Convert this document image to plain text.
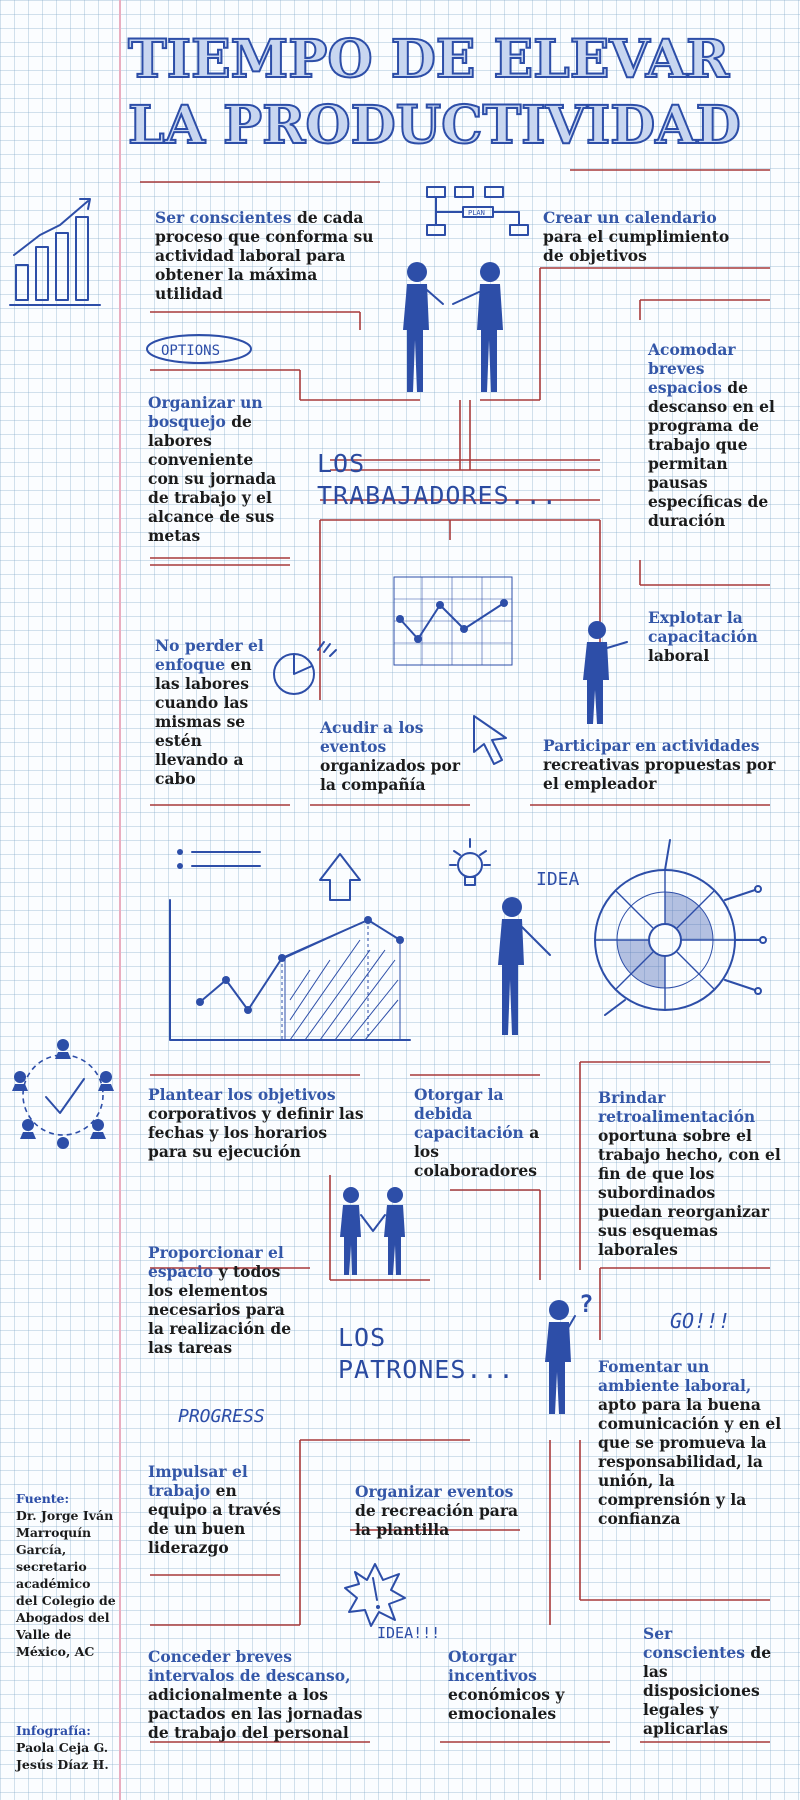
TIEMPO DE ELEVAR
LA PRODUCTIVIDAD
PLAN
OPTIONS
IDEA
?
GO!!!
PROGRESS
IDEA!!!
LOS
TRABAJADORES...
LOS
PATRONES...
Ser conscientes de cada proceso que conforma su actividad laboral para obtener la máxima utilidad
Crear un calendario para el cumplimiento de objetivos
Organizar un bosquejo de labores conveniente con su jornada de trabajo y el alcance de sus metas
Acomodar breves espacios de descanso en el programa de trabajo que permitan pausas específicas de duración
No perder el enfoque en las labores cuando las mismas se estén llevando a cabo
Explotar la capacitación laboral
Acudir a los eventos organizados por la compañía
Participar en actividades recreativas propuestas por el empleador
Plantear los objetivos corporativos y definir las fechas y los horarios para su ejecución
Otorgar la debida capacitación a los colaboradores
Brindar retroalimentación oportuna sobre el trabajo hecho, con el fin de que los subordinados puedan reorganizar sus esquemas laborales
Proporcionar el espacio y todos los elementos necesarios para la realización de las tareas
Fomentar un ambiente laboral, apto para la buena comunicación y en el que se promueva la responsabilidad, la unión, la comprensión y la confianza
Impulsar el trabajo en equipo a través de un buen liderazgo
Organizar eventos de recreación para la plantilla
Conceder breves intervalos de descanso, adicionalmente a los pactados en las jornadas de trabajo del personal
Otorgar incentivos económicos y emocionales
Ser conscientes de las disposiciones legales y aplicarlas
Fuente:
Dr. Jorge Iván Marroquín García, secretario académico del Colegio de Abogados del Valle de México, AC
Infografía:
Paola Ceja G.
Jesús Díaz H.
